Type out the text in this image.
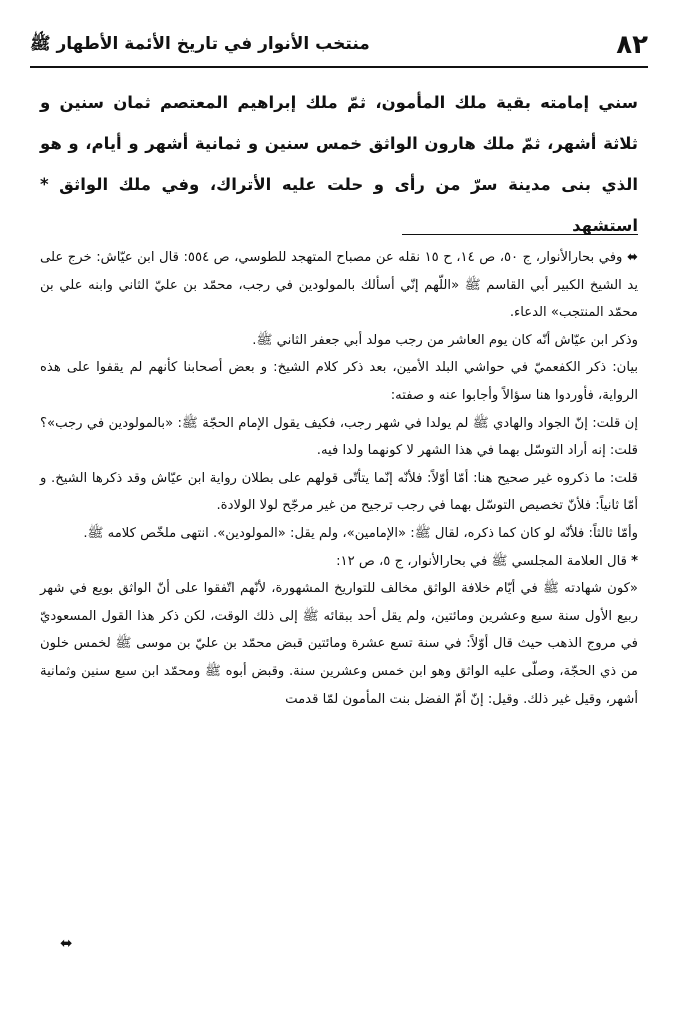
٨٢
منتخب الأنوار في تاريخ الأئمة الأطهار ﷺ

سني إمامته بقية ملك المأمون، ثمّ ملك إبراهيم المعتصم ثمان سنين و ثلاثة أشهر، ثمّ ملك هارون الواثق خمس سنين و ثمانية أشهر و أيام، و هو الذي بنى مدينة سرّ من رأى و حلت عليه الأتراك، وفي ملك الواثق * استشهد

⬌ وفي بحارالأنوار، ج ٥٠، ص ١٤، ح ١٥ نقله عن مصباح المتهجد للطوسي، ص ٥٥٤: قال ابن عيّاش: خرج على يد الشيخ الكبير أبي القاسم ﷺ «اللّهم إنّي أسألك بالمولودين في رجب، محمّد بن عليّ الثاني وابنه علي بن محمّد المنتجب» الدعاء.

وذكر ابن عيّاش أنّه كان يوم العاشر من رجب مولد أبي جعفر الثاني ﷺ.

بيان: ذكر الكفعميّ في حواشي البلد الأمين، بعد ذكر كلام الشيخ: و بعض أصحابنا كأنهم لم يقفوا على هذه الرواية، فأوردوا هنا سؤالاً وأجابوا عنه و صفته:

إن قلت: إنّ الجواد والهادي ﷺ لم يولدا في شهر رجب، فكيف يقول الإمام الحجّة ﷺ: «بالمولودين في رجب»؟ قلت: إنه أراد التوسّل بهما في هذا الشهر لا كونهما ولدا فيه.

قلت: ما ذكروه غير صحيح هنا: أمّا أوّلاً: فلأنّه إنّما يتأتّى قولهم على بطلان رواية ابن عيّاش وقد ذكرها الشيخ. و أمّا ثانياً: فلأنّ تخصيص التوسّل بهما في رجب ترجيح من غير مرجّح لولا الولادة.

وأمّا ثالثاً: فلأنّه لو كان كما ذكره، لقال ﷺ: «الإمامين»، ولم يقل: «المولودين». انتهى ملخّص كلامه ﷺ.

* قال العلامة المجلسي ﷺ في بحارالأنوار، ج ٥، ص ١٢:

«كون شهادته ﷺ في أيّام خلافة الواثق مخالف للتواريخ المشهورة، لأنّهم اتّفقوا على أنّ الواثق بويع في شهر ربيع الأول سنة سبع وعشرين ومائتين، ولم يقل أحد ببقائه ﷺ إلى ذلك الوقت، لكن ذكر هذا القول المسعوديّ في مروج الذهب حيث قال أوّلاً: في سنة تسع عشرة ومائتين قبض محمّد بن عليّ بن موسى ﷺ لخمس خلون من ذي الحجّة، وصلّى عليه الواثق وهو ابن خمس وعشرين سنة. وقبض أبوه ﷺ ومحمّد ابن سبع سنين وثمانية أشهر، وقيل غير ذلك. وقيل: إنّ أمّ الفضل بنت المأمون لمّا قدمت

⬌
